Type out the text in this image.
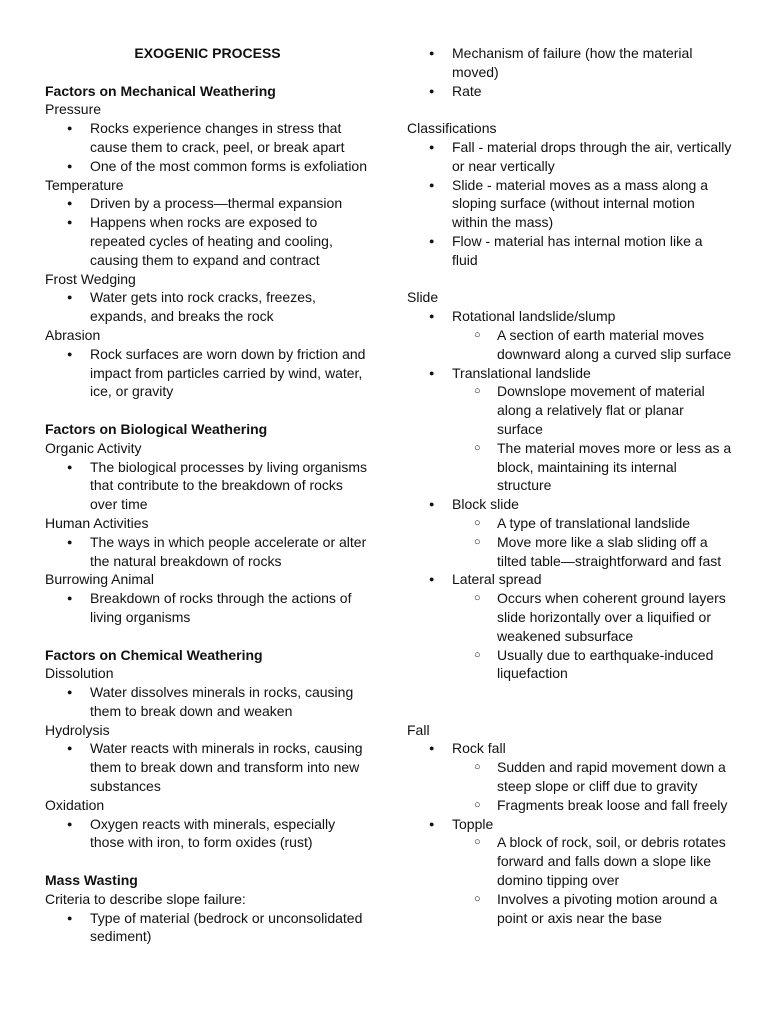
EXOGENIC PROCESS

Factors on Mechanical Weathering

Pressure

● Rocks experience changes in stress that cause them to crack, peel, or break apart
● One of the most common forms is exfoliation

Temperature

● Driven by a process—thermal expansion
● Happens when rocks are exposed to repeated cycles of heating and cooling, causing them to expand and contract

Frost Wedging

● Water gets into rock cracks, freezes, expands, and breaks the rock

Abrasion

● Rock surfaces are worn down by friction and impact from particles carried by wind, water, ice, or gravity

Factors on Biological Weathering

Organic Activity

● The biological processes by living organisms that contribute to the breakdown of rocks over time

Human Activities

● The ways in which people accelerate or alter the natural breakdown of rocks

Burrowing Animal

● Breakdown of rocks through the actions of living organisms

Factors on Chemical Weathering

Dissolution

● Water dissolves minerals in rocks, causing them to break down and weaken

Hydrolysis

● Water reacts with minerals in rocks, causing them to break down and transform into new substances

Oxidation

● Oxygen reacts with minerals, especially those with iron, to form oxides (rust)

Mass Wasting

Criteria to describe slope failure:

● Type of material (bedrock or unconsolidated sediment)
● Mechanism of failure (how the material moved)
● Rate

Classifications

● Fall - material drops through the air, vertically or near vertically
● Slide - material moves as a mass along a sloping surface (without internal motion within the mass)
● Flow - material has internal motion like a fluid

Slide

● Rotational landslide/slump
○ A section of earth material moves downward along a curved slip surface
● Translational landslide
○ Downslope movement of material along a relatively flat or planar surface
○ The material moves more or less as a block, maintaining its internal structure
● Block slide
○ A type of translational landslide
○ Move more like a slab sliding off a tilted table—straightforward and fast
● Lateral spread
○ Occurs when coherent ground layers slide horizontally over a liquified or weakened subsurface
○ Usually due to earthquake-induced liquefaction

Fall

● Rock fall
○ Sudden and rapid movement down a steep slope or cliff due to gravity
○ Fragments break loose and fall freely
● Topple
○ A block of rock, soil, or debris rotates forward and falls down a slope like domino tipping over
○ Involves a pivoting motion around a point or axis near the base
